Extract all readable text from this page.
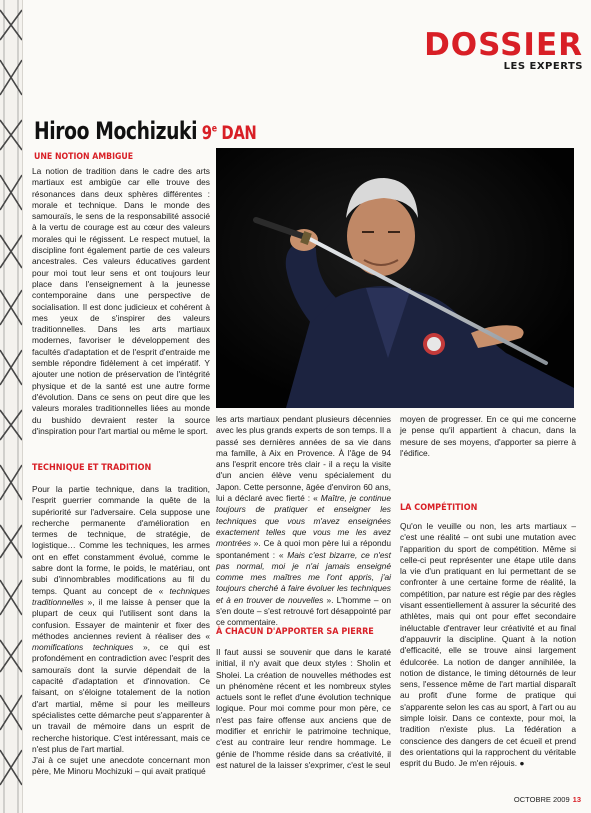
DOSSIER
LES EXPERTS
Hiroo Mochizuki 9e DAN
UNE NOTION AMBIGUE

La notion de tradition dans le cadre des arts martiaux est ambigüe car elle trouve des résonances dans deux sphères différentes : morale et technique. Dans le monde des samouraïs, le sens de la responsabilité associé à la vertu de courage est au cœur des valeurs morales qui le régissent. Le respect mutuel, la discipline font également partie de ces valeurs ancestrales. Ces valeurs éducatives gardent pour moi tout leur sens et ont toujours leur place dans l'enseignement à la jeunesse contemporaine dans une perspective de socialisation. Il est donc judicieux et cohérent à mes yeux de s'inspirer des valeurs traditionnelles. Dans les arts martiaux modernes, favoriser le développement des facultés d'adaptation et de l'esprit d'entraide me semble répondre fidèlement à cet impératif. Y ajouter une notion de préservation de l'intégrité physique et de la santé est une autre forme d'évolution. Dans ce sens on peut dire que les valeurs morales traditionnelles liées au monde du bushido devraient rester la source d'inspiration pour l'art martial ou même le sport.

TECHNIQUE ET TRADITION

Pour la partie technique, dans la tradition, l'esprit guerrier commande la quête de la supériorité sur l'adversaire. Cela suppose une recherche permanente d'amélioration en termes de technique, de stratégie, de logistique… Comme les techniques, les armes ont en effet constamment évolué, comme le sabre dont la forme, le poids, le matériau, ont subi d'innombrables modifications au fil du temps. Quant au concept de « techniques traditionnelles », il me laisse à penser que la plupart de ceux qui l'utilisent sont dans la confusion. Essayer de maintenir et fixer des méthodes anciennes revient à réaliser des « momifications techniques », ce qui est profondément en contradiction avec l'esprit des samouraïs dont la survie dépendait de la capacité d'adaptation et d'innovation. Ce faisant, on s'éloigne totalement de la notion d'art martial, même si pour les meilleurs spécialistes cette démarche peut s'apparenter à un travail de mémoire dans un esprit de recherche historique. C'est intéressant, mais ce n'est plus de l'art martial.

J'ai à ce sujet une anecdote concernant mon père, Me Minoru Mochizuki – qui avait pratiqué

les arts martiaux pendant plusieurs décennies avec les plus grands experts de son temps. Il a passé ses dernières années de sa vie dans ma famille, à Aix en Provence. À l'âge de 94 ans l'esprit encore très clair - il a reçu la visite d'un ancien élève venu spécialement du Japon. Cette personne, âgée d'environ 60 ans, lui a déclaré avec fierté : « Maître, je continue toujours de pratiquer et enseigner les techniques que vous m'avez enseignées exactement telles que vous me les avez montrées ». Ce à quoi mon père lui a répondu spontanément : « Mais c'est bizarre, ce n'est pas normal, moi je n'ai jamais enseigné comme mes maîtres me l'ont appris, j'ai toujours cherché à faire évoluer les techniques et à en trouver de nouvelles ». L'homme – on s'en doute – s'est retrouvé fort désappointé par ce commentaire.

À CHACUN D'APPORTER SA PIERRE

Il faut aussi se souvenir que dans le karaté initial, il n'y avait que deux styles : Sholin et Sholei. La création de nouvelles méthodes est un phénomène récent et les nombreux styles actuels sont le reflet d'une évolution technique logique. Pour moi comme pour mon père, ce n'est pas faire offense aux anciens que de modifier et enrichir le patrimoine technique, c'est au contraire leur rendre hommage. Le génie de l'homme réside dans sa créativité, il est naturel de la laisser s'exprimer, c'est le seul

moyen de progresser. En ce qui me concerne je pense qu'il appartient à chacun, dans la mesure de ses moyens, d'apporter sa pierre à l'édifice.

LA COMPÉTITION

Qu'on le veuille ou non, les arts martiaux – c'est une réalité – ont subi une mutation avec l'apparition du sport de compétition. Même si celle-ci peut représenter une étape utile dans la vie d'un pratiquant en lui permettant de se confronter à une certaine forme de réalité, la compétition, par nature est régie par des règles visant essentiellement à assurer la sécurité des athlètes, mais qui ont pour effet secondaire inéluctable d'entraver leur créativité et au final d'appauvrir la discipline. Quant à la notion d'efficacité, elle se trouve ainsi largement édulcorée. La notion de danger annihilée, la notion de distance, le timing détournés de leur sens, l'essence même de l'art martial disparaît au profit d'une forme de pratique qui s'apparente selon les cas au sport, à l'art ou au simple loisir. Dans ce contexte, pour moi, la tradition n'existe plus. La fédération a conscience des dangers de cet écueil et prend des orientations qui la rapprochent du véritable esprit du Budo. Je m'en réjouis. ●

OCTOBRE 2009 13
